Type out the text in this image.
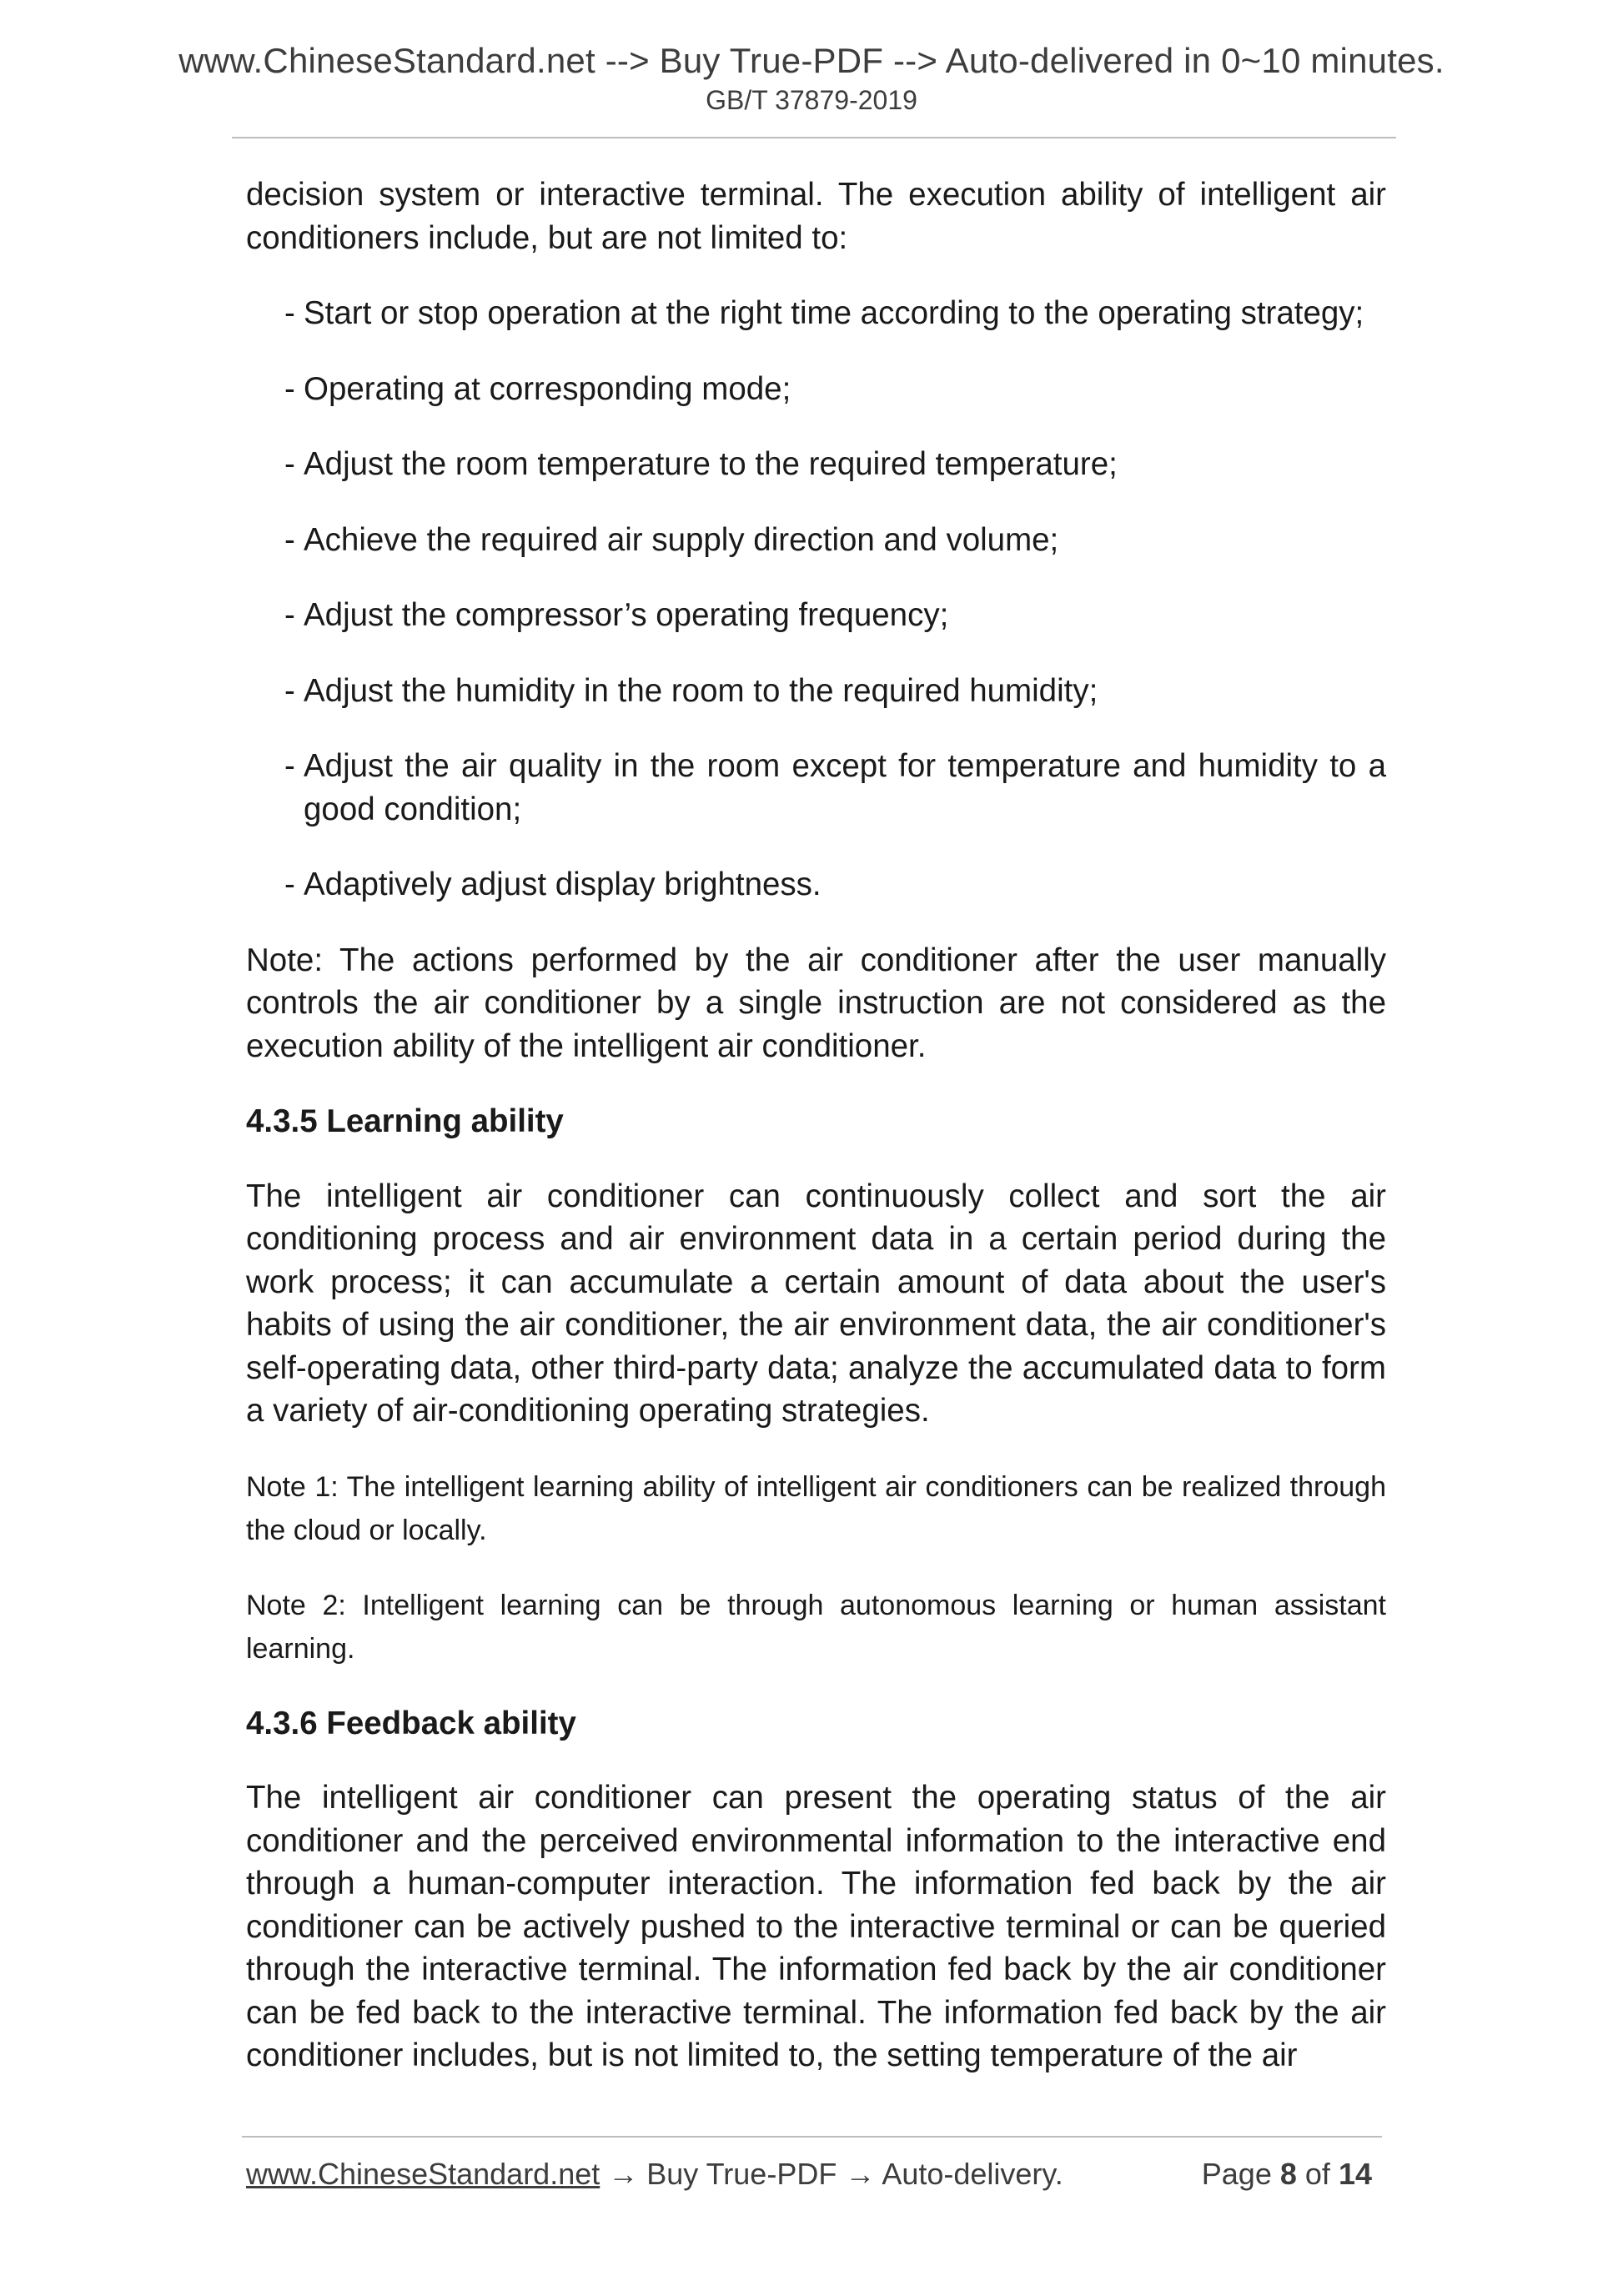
www.ChineseStandard.net --> Buy True-PDF --> Auto-delivered in 0~10 minutes.
GB/T 37879-2019

decision system or interactive terminal. The execution ability of intelligent air conditioners include, but are not limited to:

- Start or stop operation at the right time according to the operating strategy;

- Operating at corresponding mode;

- Adjust the room temperature to the required temperature;

- Achieve the required air supply direction and volume;

- Adjust the compressor’s operating frequency;

- Adjust the humidity in the room to the required humidity;

- Adjust the air quality in the room except for temperature and humidity to a good condition;

- Adaptively adjust display brightness.

Note: The actions performed by the air conditioner after the user manually controls the air conditioner by a single instruction are not considered as the execution ability of the intelligent air conditioner.

4.3.5 Learning ability

The intelligent air conditioner can continuously collect and sort the air conditioning process and air environment data in a certain period during the work process; it can accumulate a certain amount of data about the user's habits of using the air conditioner, the air environment data, the air conditioner's self-operating data, other third-party data; analyze the accumulated data to form a variety of air-conditioning operating strategies.

Note 1: The intelligent learning ability of intelligent air conditioners can be realized through the cloud or locally.

Note 2: Intelligent learning can be through autonomous learning or human assistant learning.

4.3.6 Feedback ability

The intelligent air conditioner can present the operating status of the air conditioner and the perceived environmental information to the interactive end through a human-computer interaction. The information fed back by the air conditioner can be actively pushed to the interactive terminal or can be queried through the interactive terminal. The information fed back by the air conditioner can be fed back to the interactive terminal. The information fed back by the air conditioner includes, but is not limited to, the setting temperature of the air

www.ChineseStandard.net → Buy True-PDF → Auto-delivery.	Page 8 of 14
